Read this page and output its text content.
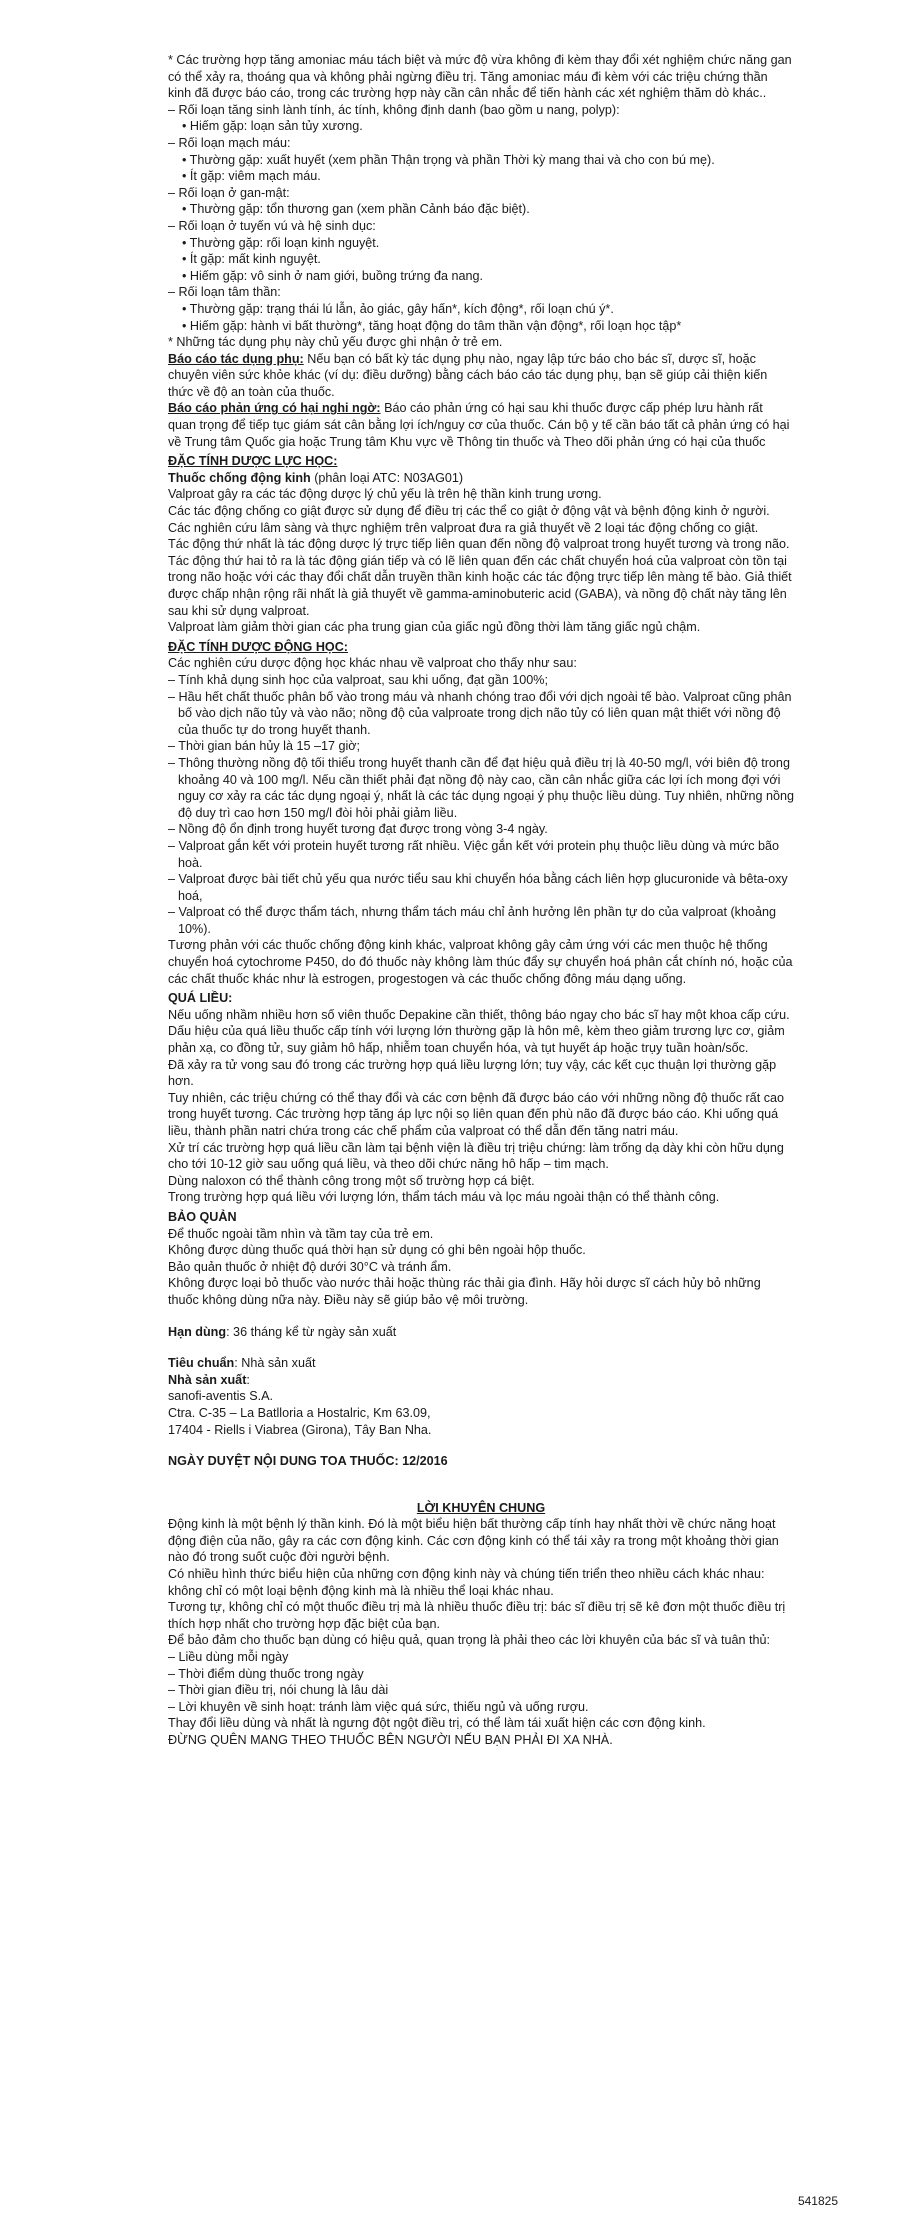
* Các trường hợp tăng amoniac máu tách biệt và mức độ vừa không đi kèm thay đổi xét nghiệm chức năng gan có thể xảy ra, thoáng qua và không phải ngừng điều trị. Tăng amoniac máu đi kèm với các triệu chứng thần kinh đã được báo cáo, trong các trường hợp này cần cân nhắc để tiến hành các xét nghiệm thăm dò khác..

– Rối loạn tăng sinh lành tính, ác tính, không định danh (bao gồm u nang, polyp):

• Hiếm gặp: loạn sản tủy xương.

– Rối loạn mạch máu:

• Thường gặp: xuất huyết (xem phần Thận trọng và phần Thời kỳ mang thai và cho con bú mẹ).

• Ít gặp: viêm mạch máu.

– Rối loạn ở gan-mật:

• Thường gặp: tổn thương gan (xem phần Cảnh báo đặc biệt).

– Rối loạn ở tuyến vú và hệ sinh dục:

• Thường gặp: rối loạn kinh nguyệt.

• Ít gặp: mất kinh nguyệt.

• Hiếm gặp: vô sinh ở nam giới, buồng trứng đa nang.

– Rối loạn tâm thần:

• Thường gặp: trạng thái lú lẫn, ảo giác, gây hấn*, kích động*, rối loạn chú ý*.

• Hiếm gặp: hành vi bất thường*, tăng hoạt động do tâm thần vận động*, rối loạn học tập*

* Những tác dụng phụ này chủ yếu được ghi nhận ở trẻ em.

Báo cáo tác dụng phụ: Nếu bạn có bất kỳ tác dụng phụ nào, ngay lập tức báo cho bác sĩ, dược sĩ, hoặc chuyên viên sức khỏe khác (ví dụ: điều dưỡng) bằng cách báo cáo tác dụng phụ, bạn sẽ giúp cải thiện kiến thức về độ an toàn của thuốc.

Báo cáo phản ứng có hại nghi ngờ: Báo cáo phản ứng có hại sau khi thuốc được cấp phép lưu hành rất quan trọng để tiếp tục giám sát cân bằng lợi ích/nguy cơ của thuốc. Cán bộ y tế cần báo tất cả phản ứng có hại về Trung tâm Quốc gia hoặc Trung tâm Khu vực về Thông tin thuốc và Theo dõi phản ứng có hại của thuốc

ĐẶC TÍNH DƯỢC LỰC HỌC:

Thuốc chống động kinh (phân loại ATC: N03AG01)

Valproat gây ra các tác động dược lý chủ yếu là trên hệ thần kinh trung ương.

Các tác động chống co giật được sử dụng để điều trị các thể co giật ở động vật và bệnh động kinh ở người.

Các nghiên cứu lâm sàng và thực nghiệm trên valproat đưa ra giả thuyết về 2 loại tác động chống co giật.

Tác động thứ nhất là tác động dược lý trực tiếp liên quan đến nồng độ valproat trong huyết tương và trong não.

Tác động thứ hai tỏ ra là tác động gián tiếp và có lẽ liên quan đến các chất chuyển hoá của valproat còn tồn tại trong não hoặc với các thay đổi chất dẫn truyền thần kinh hoặc các tác động trực tiếp lên màng tế bào. Giả thiết được chấp nhận rộng rãi nhất là giả thuyết về gamma-aminobuteric acid (GABA), và nồng độ chất này tăng lên sau khi sử dụng valproat.

Valproat làm giảm thời gian các pha trung gian của giấc ngủ đồng thời làm tăng giấc ngủ chậm.

ĐẶC TÍNH DƯỢC ĐỘNG HỌC:

Các nghiên cứu dược động học khác nhau về valproat cho thấy như sau:

– Tính khả dụng sinh học của valproat, sau khi uống, đạt gần 100%;

– Hầu hết chất thuốc phân bố vào trong máu và nhanh chóng trao đổi với dịch ngoài tế bào. Valproat cũng phân bố vào dịch não tủy và vào não; nồng độ của valproate trong dịch não tủy có liên quan mật thiết với nồng độ của thuốc tự do trong huyết thanh.

– Thời gian bán hủy là 15 –17 giờ;

– Thông thường nồng độ tối thiểu trong huyết thanh cần để đạt hiệu quả điều trị là 40-50 mg/l, với biên độ trong khoảng 40 và 100 mg/l. Nếu cần thiết phải đạt nồng độ này cao, cần cân nhắc giữa các lợi ích mong đợi với nguy cơ xảy ra các tác dụng ngoại ý, nhất là các tác dụng ngoại ý phụ thuộc liều dùng. Tuy nhiên, những nồng độ duy trì cao hơn 150 mg/l đòi hỏi phải giảm liều.

– Nồng độ ổn định trong huyết tương đạt được trong vòng 3-4 ngày.

– Valproat gắn kết với protein huyết tương rất nhiều. Việc gắn kết với protein phụ thuộc liều dùng và mức bão hoà.

– Valproat được bài tiết chủ yếu qua nước tiểu sau khi chuyển hóa bằng cách liên hợp glucuronide và bêta-oxy hoá,

– Valproat có thể được thẩm tách, nhưng thẩm tách máu chỉ ảnh hưởng lên phần tự do của valproat (khoảng 10%).

Tương phản với các thuốc chống động kinh khác, valproat không gây cảm ứng với các men thuộc hệ thống chuyển hoá cytochrome P450, do đó thuốc này không làm thúc đẩy sự chuyển hoá phân cắt chính nó, hoặc của các chất thuốc khác như là estrogen, progestogen và các thuốc chống đông máu dạng uống.

QUÁ LIỀU:

Nếu uống nhầm nhiều hơn số viên thuốc Depakine cần thiết, thông báo ngay cho bác sĩ hay một khoa cấp cứu.

Dấu hiệu của quá liều thuốc cấp tính với lượng lớn thường gặp là hôn mê, kèm theo giảm trương lực cơ, giảm phản xạ, co đồng tử, suy giảm hô hấp, nhiễm toan chuyển hóa, và tụt huyết áp hoặc trụy tuần hoàn/sốc.

Đã xảy ra tử vong sau đó trong các trường hợp quá liều lượng lớn; tuy vậy, các kết cục thuận lợi thường gặp hơn.

Tuy nhiên, các triệu chứng có thể thay đổi và các cơn bệnh đã được báo cáo với những nồng độ thuốc rất cao trong huyết tương. Các trường hợp tăng áp lực nội sọ liên quan đến phù não đã được báo cáo. Khi uống quá liều, thành phần natri chứa trong các chế phẩm của valproat có thể dẫn đến tăng natri máu.

Xử trí các trường hợp quá liều cần làm tại bệnh viện là điều trị triệu chứng: làm trống dạ dày khi còn hữu dụng cho tới 10-12 giờ sau uống quá liều, và theo dõi chức năng hô hấp – tim mạch.

Dùng naloxon có thể thành công trong một số trường hợp cá biệt.

Trong trường hợp quá liều với lượng lớn, thẩm tách máu và lọc máu ngoài thận có thể thành công.

BẢO QUẢN

Để thuốc ngoài tầm nhìn và tầm tay của trẻ em.

Không được dùng thuốc quá thời hạn sử dụng có ghi bên ngoài hộp thuốc.

Bảo quản thuốc ở nhiệt độ dưới 30°C và tránh ẩm.

Không được loại bỏ thuốc vào nước thải hoặc thùng rác thải gia đình. Hãy hỏi dược sĩ cách hủy bỏ những thuốc không dùng nữa này. Điều này sẽ giúp bảo vệ môi trường.

Hạn dùng: 36 tháng kể từ ngày sản xuất

Tiêu chuẩn: Nhà sản xuất

Nhà sản xuất:

sanofi-aventis S.A.

Ctra. C-35 – La Batlloria a Hostalric, Km 63.09,

17404 - Riells i Viabrea (Girona), Tây Ban Nha.

NGÀY DUYỆT NỘI DUNG TOA THUỐC: 12/2016

LỜI KHUYÊN CHUNG

Động kinh là một bệnh lý thần kinh. Đó là một biểu hiện bất thường cấp tính hay nhất thời về chức năng hoạt động điện của não, gây ra các cơn động kinh. Các cơn động kinh có thể tái xảy ra trong một khoảng thời gian nào đó trong suốt cuộc đời người bệnh.

Có nhiều hình thức biểu hiện của những cơn động kinh này và chúng tiến triển theo nhiều cách khác nhau: không chỉ có một loại bệnh động kinh mà là nhiều thể loại khác nhau.

Tương tự, không chỉ có một thuốc điều trị mà là nhiều thuốc điều trị: bác sĩ điều trị sẽ kê đơn một thuốc điều trị thích hợp nhất cho trường hợp đặc biệt của bạn.

Để bảo đảm cho thuốc bạn dùng có hiệu quả, quan trọng là phải theo các lời khuyên của bác sĩ và tuân thủ:

– Liều dùng mỗi ngày

– Thời điểm dùng thuốc trong ngày

– Thời gian điều trị, nói chung là lâu dài

– Lời khuyên về sinh hoạt: tránh làm việc quá sức, thiếu ngủ và uống rượu.

Thay đổi liều dùng và nhất là ngưng đột ngột điều trị, có thể làm tái xuất hiện các cơn động kinh.

ĐỪNG QUÊN MANG THEO THUỐC BÊN NGƯỜI NẾU BẠN PHẢI ĐI XA NHÀ.

541825
